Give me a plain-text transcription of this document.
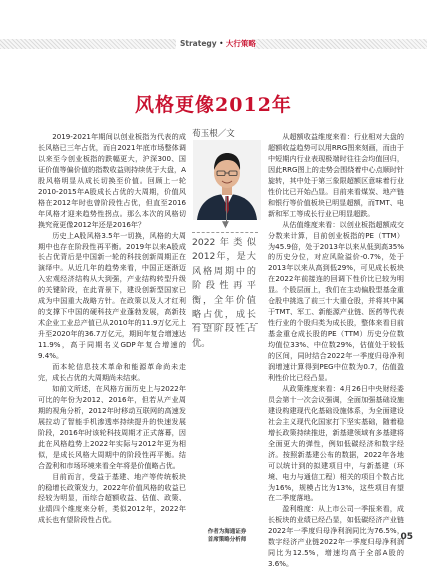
Strategy • 大行策略
风格更像2012年
荀玉根／文

2019-2021年期间以创业板指为代表的成长风格已三年占优，而自2021年底市场整体调以来至今创业板指的跌幅更大，沪深300、国证价值等偏价值的指数收益则持续优于大盘，A股风格明显从成长切换至价值。回顾上一轮2010-2015年A股成长占优的大周期，价值风格在2012年时也曾阶段性占优，但直至2016年风格才迎来趋势性拐点。那么本次的风格切换究竟更像2012年还是2016年？

历史上A股风格3.5年一切换，风格的大周期中也存在阶段性再平衡。2019年以来A股成长占优背后是中国新一轮的科技创新周期正在演绎中。从近几年的趋势来看，中国正逐渐迈入宏观经济结构从大到强，产业结构转型升级的关键阶段，在此背景下，建设创新型国家已成为中国重大战略方针。在政策以及人才红利的支撑下中国的硬科技产业蓬勃发展，高新技术企业工业总产值已从2010年的11.9万亿元上升至2020年的36.7万亿元，期间年复合增速达11.9%，高于同期名义GDP年复合增速的9.4%。

而本轮信息技术革命和能源革命尚未走完，成长占优的大周期尚未结束。

如前文所述，在风格方面历史上与2022年可比的年份为2012、2016年，但若从产业周期的视角分析，2012年时移动互联网的高速发展拉动了智能手机渗透率持续提升的快速发展阶段，2016年时该轮科技周期才正式落幕，因此在风格趋势上2022年实际与2012年更为相似，是成长风格大周期中的阶段性再平衡。结合盈利和市场环境来看全年将是价值略占优。

目前而言，受益于基建、地产等传统板块的稳增长政策发力，2022年价值风格的收益已经较为明显，而综合超额收益、估值、政策、业绩四个维度来分析，类似2012年，2022年成长也有望阶段性占优。

▼
2022年类似2012年，是大风格周期中的阶段性再平衡，全年价值略占优，成长有望阶段性占优。
作者为海通证券
首席策略分析师

从超额收益维度来看：行业相对大盘的超额收益趋势可以用RRG图来刻画，而由于中短期内行业表现极端时往往会均值回归，因此RRG图上的走势会围绕着中心点顺时针旋转，其中处于第三象限超额区意味着行业性价比已开始凸显。目前来看煤炭、地产链和银行等价值板块已明显超额，而TMT、电新和军工等成长行业已明显超跌。

从估值维度来看：以创业板指超额成交分数来计算，目前创业板指的PE（TTM）为45.9倍，处于2013年以来从低到高35%的历史分位，对应风险溢价-0.7%，处于2013年以来从高到低29%，可见成长板块在2022年前接连的回调下性价比已较为明显。个股层面上，我们在主动偏股型基金重仓股中挑选了前三十大重仓股，并将其中属于TMT、军工、新能源产业链、医药等代表性行业的个股归类为成长股，整体来看目前基金重仓成长股的PE（TTM）历史分位数均值位33%、中位数29%，估值处于较低的区间，同时结合2022年一季度归母净利润增速计算得到PEG中位数为0.7，估值盈利性价比已经凸显。

从政策维度来看：4月26日中央财经委员会第十一次会议强调，全面加强基础设施建设构建现代化基础设施体系，为全面建设社会主义现代化国家打下坚实基础，随着稳增长政策持续推进，新基建领域有多基建将全面更大的弹性，例如低碳经济和数字经济。按照新基建公布的数据，2022年各地可以统计到的拟建项目中，与新基建（环境、电力与通信工程）相关的项目个数占比为16%，规模占比为13%，这些项目有望在二季度落地。

盈利维度：从上市公司一季报来看，成长板块的业绩已经凸显，如低碳经济产业链2022年一季度归母净利润同比为76.5%，数字经济产业链2022年一季度归母净利润同比为12.5%，增速均高于全部A股的3.6%。

05
